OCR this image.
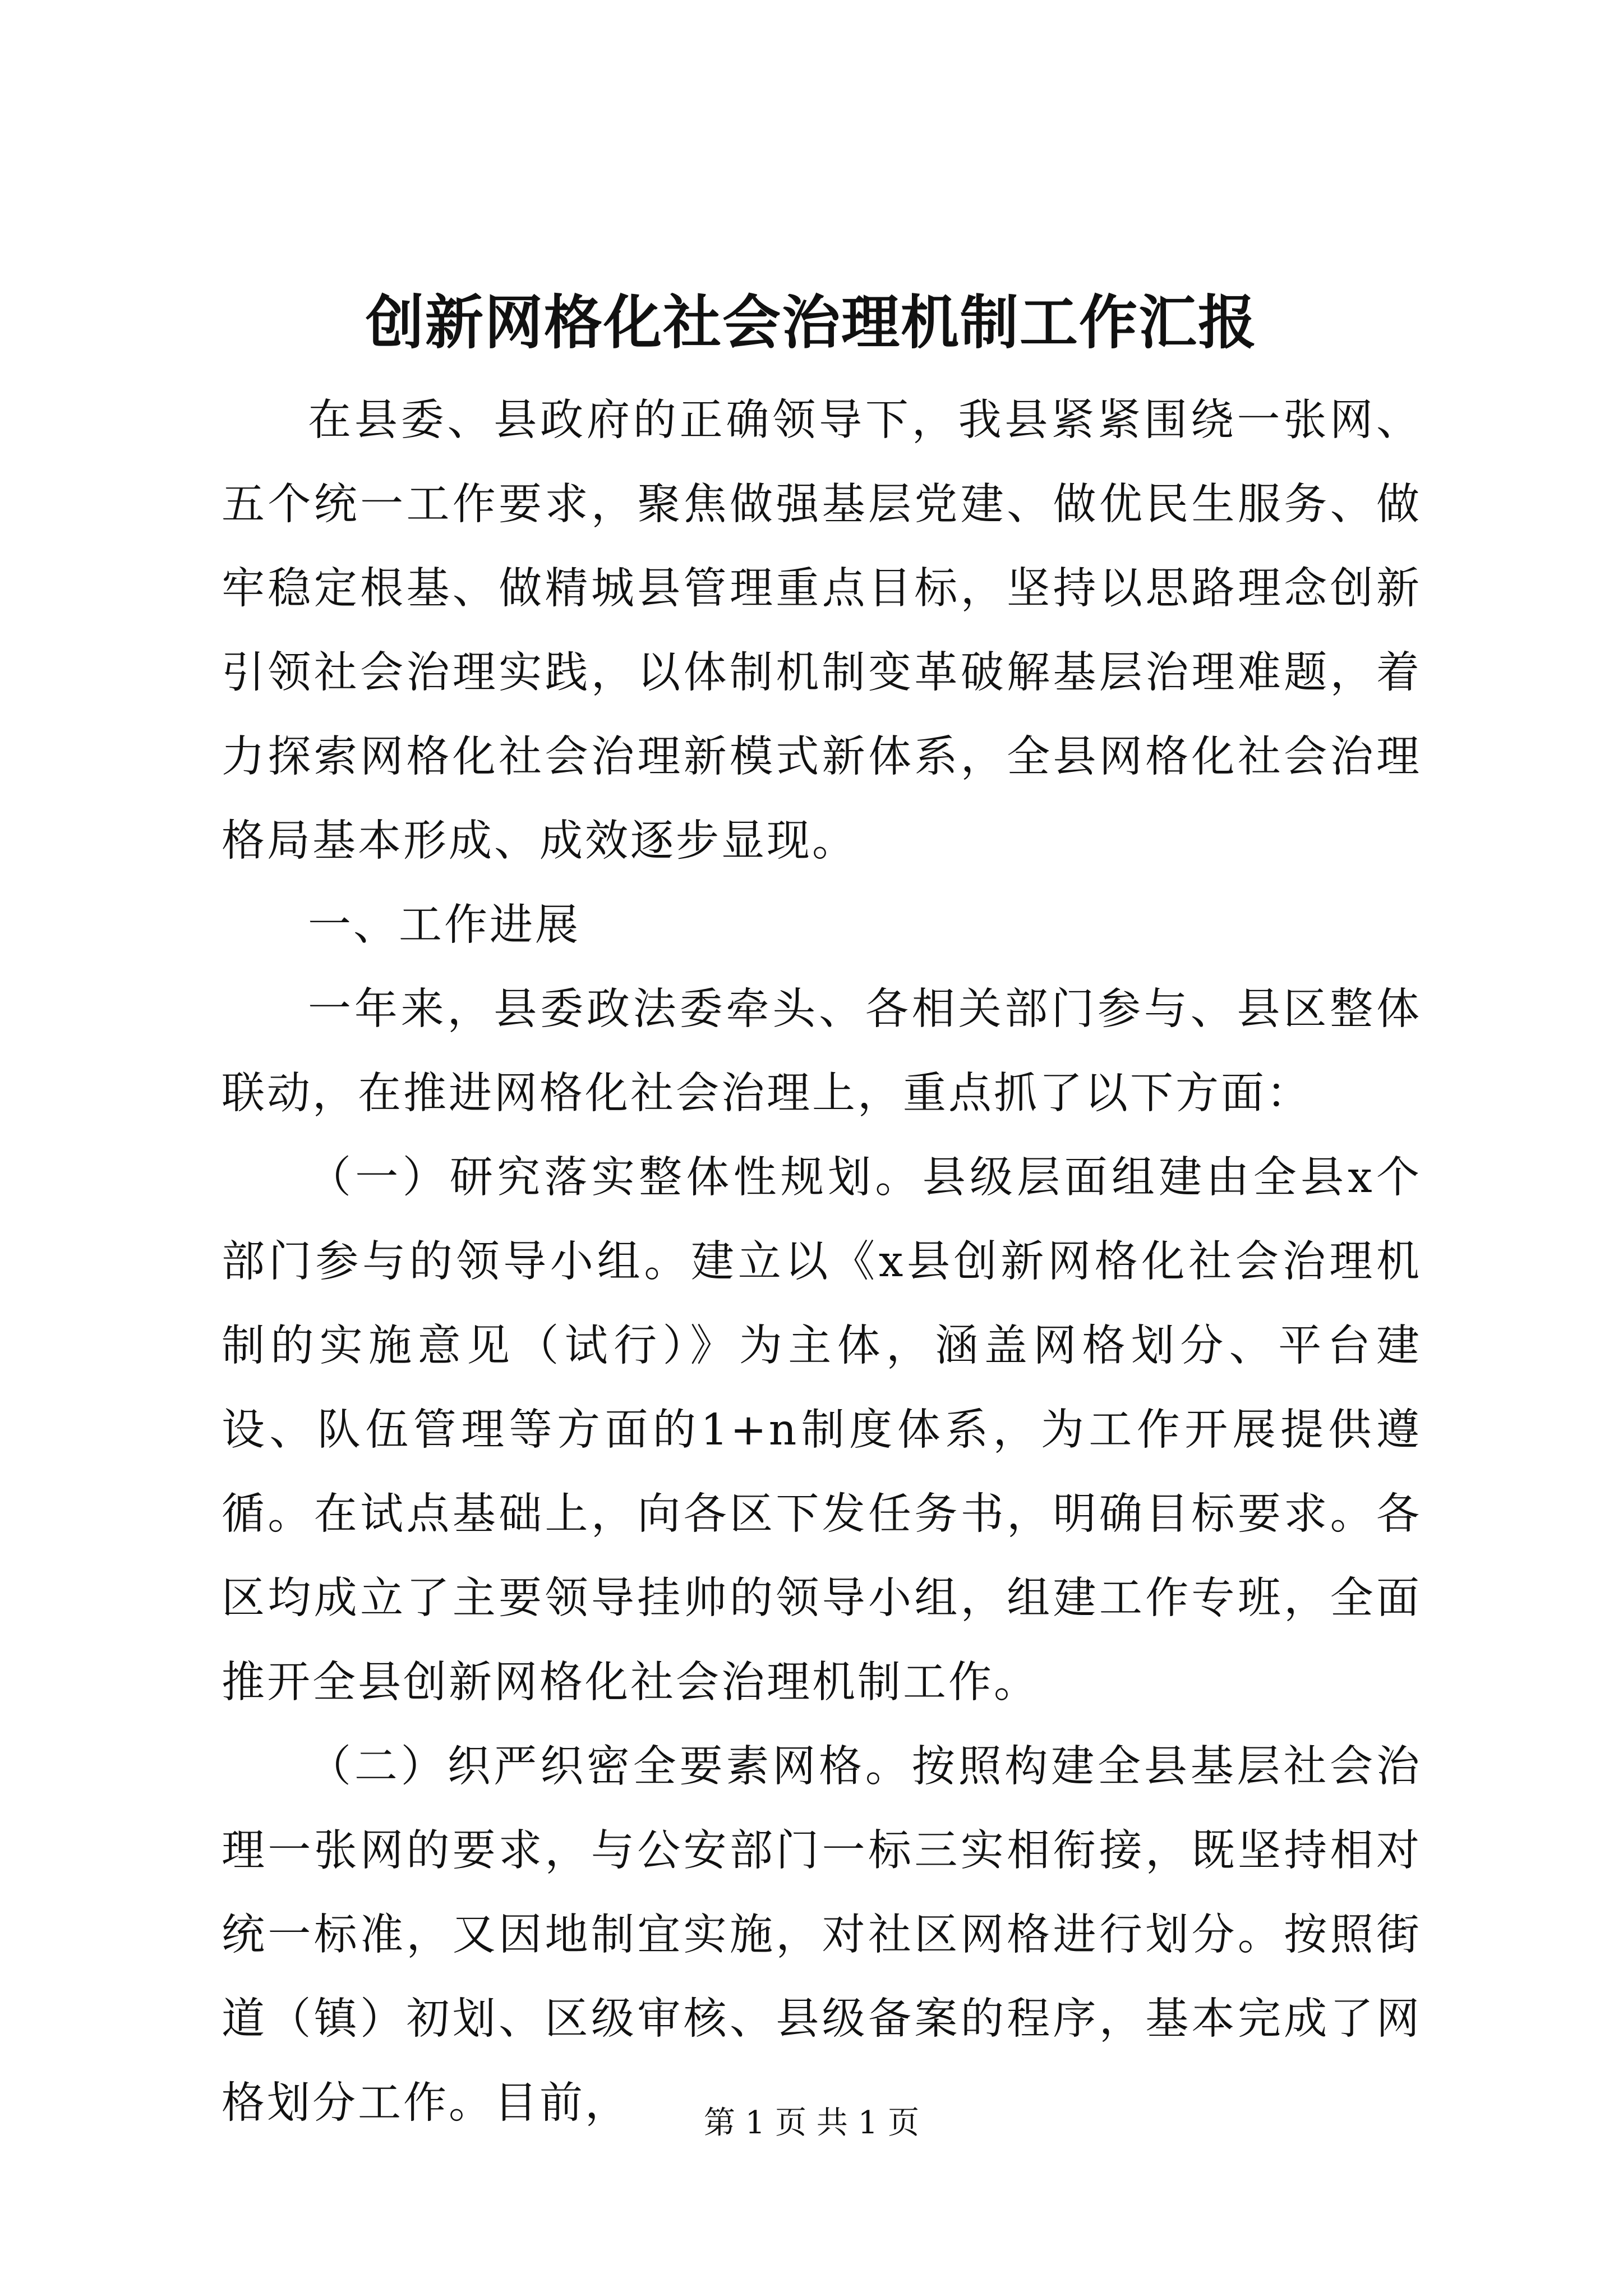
创新网格化社会治理机制工作汇报

在县委、县政府的正确领导下，我县紧紧围绕一张网、五个统一工作要求，聚焦做强基层党建、做优民生服务、做牢稳定根基、做精城县管理重点目标，坚持以思路理念创新引领社会治理实践，以体制机制变革破解基层治理难题，着力探索网格化社会治理新模式新体系，全县网格化社会治理格局基本形成、成效逐步显现。

一、工作进展

一年来，县委政法委牵头、各相关部门参与、县区整体联动，在推进网格化社会治理上，重点抓了以下方面：

（一）研究落实整体性规划。县级层面组建由全县x个部门参与的领导小组。建立以《x县创新网格化社会治理机制的实施意见（试行）》为主体，涵盖网格划分、平台建设、队伍管理等方面的1+n制度体系，为工作开展提供遵循。在试点基础上，向各区下发任务书，明确目标要求。各区均成立了主要领导挂帅的领导小组，组建工作专班，全面推开全县创新网格化社会治理机制工作。

（二）织严织密全要素网格。按照构建全县基层社会治理一张网的要求，与公安部门一标三实相衔接，既坚持相对统一标准，又因地制宜实施，对社区网格进行划分。按照街道（镇）初划、区级审核、县级备案的程序，基本完成了网格划分工作。目前，	第 1 页 共 1 页
